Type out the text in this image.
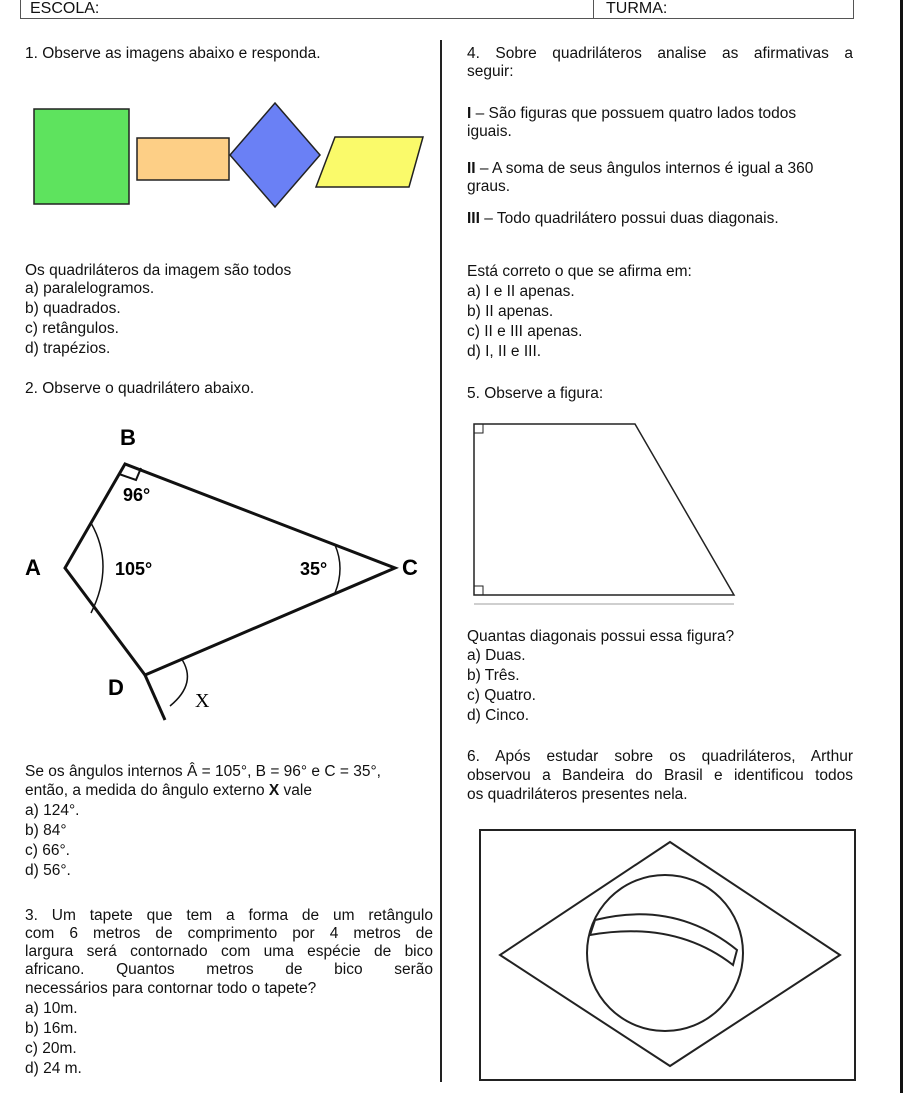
ESCOLA:	TURMA:
1. Observe as imagens abaixo e responda.
Os quadriláteros da imagem são todos
a) paralelogramos.
b) quadrados.
c) retângulos.
d) trapézios.
2. Observe o quadrilátero abaixo.
B
A	C
D
96°
105°	35°
X
Se os ângulos internos Â = 105°, B = 96° e C = 35°,
então, a medida do ângulo externo X vale
a) 124°.
b) 84°
c) 66°.
d) 56°.
3. Um tapete que tem a forma de um retângulo
com 6 metros de comprimento por 4 metros de
largura será contornado com uma espécie de bico
africano.  Quantos  metros  de  bico  serão
necessários para contornar todo o tapete?
a) 10m.
b) 16m.
c) 20m.
d) 24 m.
4. Sobre quadriláteros analise as afirmativas a
seguir:
I – São figuras que possuem quatro lados todos
iguais.
II – A soma de seus ângulos internos é igual a 360
graus.
III – Todo quadrilátero possui duas diagonais.
Está correto o que se afirma em:
a) I e II apenas.
b) II apenas.
c) II e III apenas.
d) I, II e III.
5. Observe a figura:
Quantas diagonais possui essa figura?
a) Duas.
b) Três.
c) Quatro.
d) Cinco.
6. Após estudar sobre os quadriláteros, Arthur
observou a Bandeira do Brasil e identificou todos
os quadriláteros presentes nela.
